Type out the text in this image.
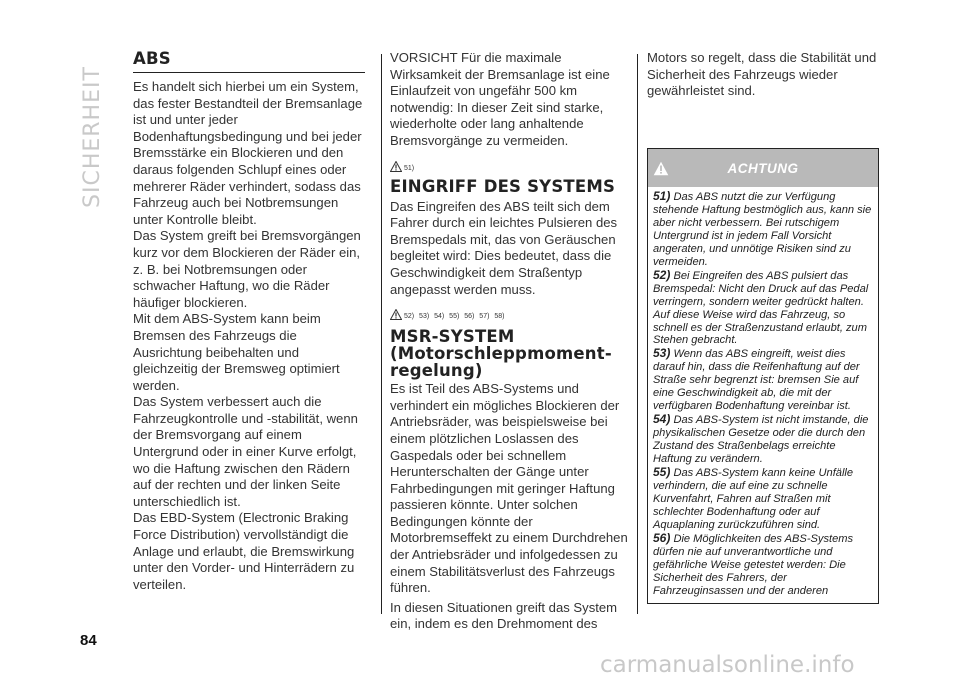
SICHERHEIT
ABS

Es handelt sich hierbei um ein System, das fester Bestandteil der Bremsanlage ist und unter jeder Bodenhaftungsbedingung und bei jeder Bremsstärke ein Blockieren und den daraus folgenden Schlupf eines oder mehrerer Räder verhindert, sodass das Fahrzeug auch bei Notbremsungen unter Kontrolle bleibt.

Das System greift bei Bremsvorgängen kurz vor dem Blockieren der Räder ein, z. B. bei Notbremsungen oder schwacher Haftung, wo die Räder häufiger blockieren.

Mit dem ABS-System kann beim Bremsen des Fahrzeugs die Ausrichtung beibehalten und gleichzeitig der Bremsweg optimiert werden.

Das System verbessert auch die Fahrzeugkontrolle und -stabilität, wenn der Bremsvorgang auf einem Untergrund oder in einer Kurve erfolgt, wo die Haftung zwischen den Rädern auf der rechten und der linken Seite unterschiedlich ist.

Das EBD-System (Electronic Braking Force Distribution) vervollständigt die Anlage und erlaubt, die Bremswirkung unter den Vorder- und Hinterrädern zu verteilen.

VORSICHT Für die maximale Wirksamkeit der Bremsanlage ist eine Einlaufzeit von ungefähr 500 km notwendig: In dieser Zeit sind starke, wiederholte oder lang anhaltende Bremsvorgänge zu vermeiden.

51)
EINGRIFF DES SYSTEMS

Das Eingreifen des ABS teilt sich dem Fahrer durch ein leichtes Pulsieren des Bremspedals mit, das von Geräuschen begleitet wird: Dies bedeutet, dass die Geschwindigkeit dem Straßentyp angepasst werden muss.

52) 53) 54) 55) 56) 57) 58)
MSR-SYSTEM
(Motorschleppmoment-
regelung)

Es ist Teil des ABS-Systems und verhindert ein mögliches Blockieren der Antriebsräder, was beispielsweise bei einem plötzlichen Loslassen des Gaspedals oder bei schnellem Herunterschalten der Gänge unter Fahrbedingungen mit geringer Haftung passieren könnte. Unter solchen Bedingungen könnte der Motorbremseffekt zu einem Durchdrehen der Antriebsräder und infolgedessen zu einem Stabilitätsverlust des Fahrzeugs führen.

In diesen Situationen greift das System ein, indem es den Drehmoment des

Motors so regelt, dass die Stabilität und Sicherheit des Fahrzeugs wieder gewährleistet sind.

ACHTUNG

51) Das ABS nutzt die zur Verfügung stehende Haftung bestmöglich aus, kann sie aber nicht verbessern. Bei rutschigem Untergrund ist in jedem Fall Vorsicht angeraten, und unnötige Risiken sind zu vermeiden.

52) Bei Eingreifen des ABS pulsiert das Bremspedal: Nicht den Druck auf das Pedal verringern, sondern weiter gedrückt halten. Auf diese Weise wird das Fahrzeug, so schnell es der Straßenzustand erlaubt, zum Stehen gebracht.

53) Wenn das ABS eingreift, weist dies darauf hin, dass die Reifenhaftung auf der Straße sehr begrenzt ist: bremsen Sie auf eine Geschwindigkeit ab, die mit der verfügbaren Bodenhaftung vereinbar ist.

54) Das ABS-System ist nicht imstande, die physikalischen Gesetze oder die durch den Zustand des Straßenbelags erreichte Haftung zu verändern.

55) Das ABS-System kann keine Unfälle verhindern, die auf eine zu schnelle Kurvenfahrt, Fahren auf Straßen mit schlechter Bodenhaftung oder auf Aquaplaning zurückzuführen sind.

56) Die Möglichkeiten des ABS-Systems dürfen nie auf unverantwortliche und gefährliche Weise getestet werden: Die Sicherheit des Fahrers, der Fahrzeuginsassen und der anderen

84
carmanualsonline.info
